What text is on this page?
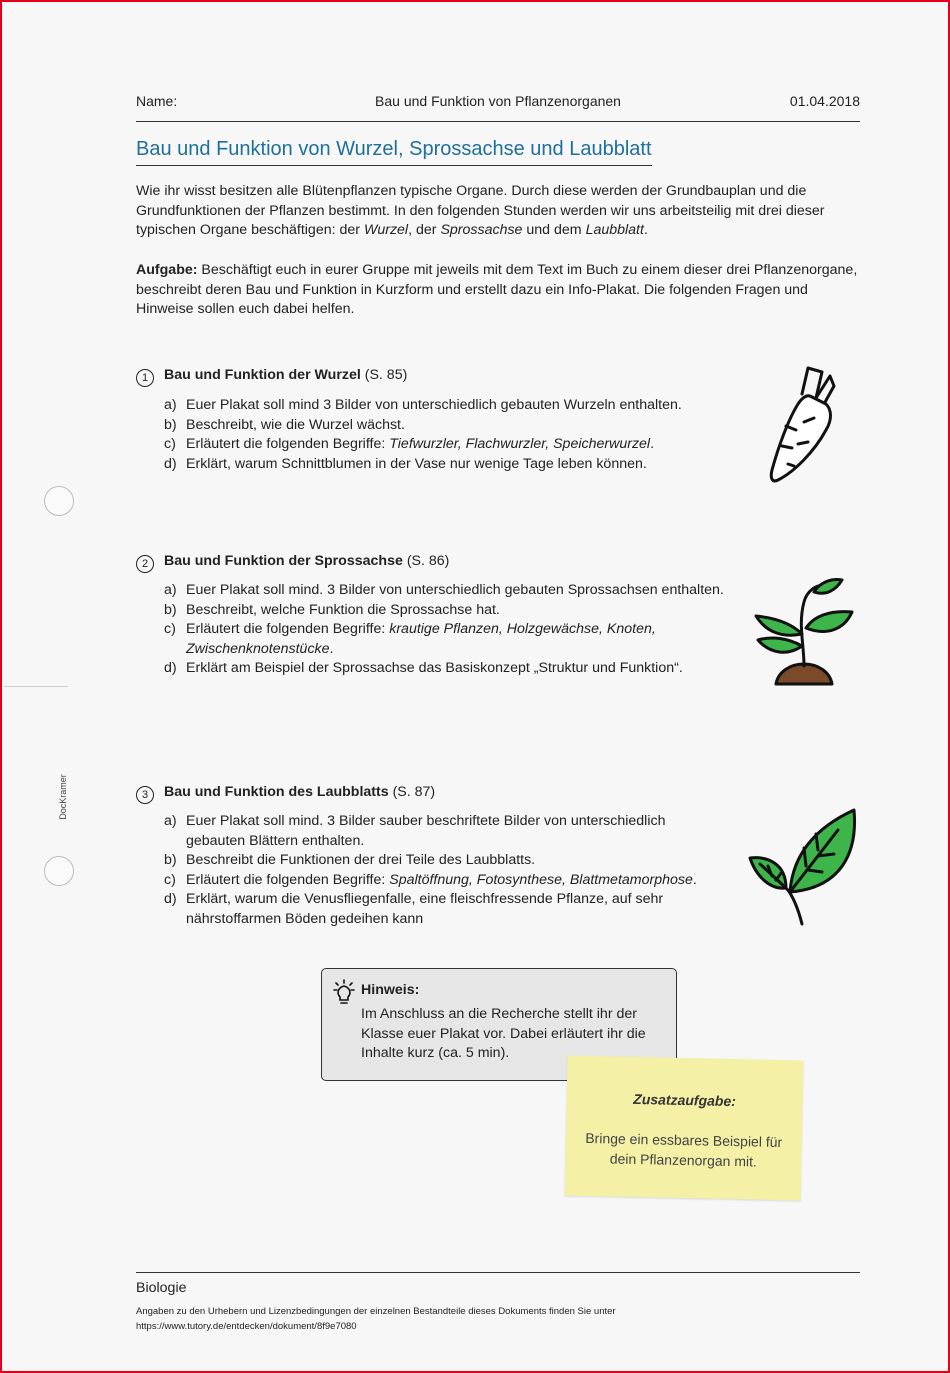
Name:	Bau und Funktion von Pflanzenorganen	01.04.2018
Bau und Funktion von Wurzel, Sprossachse und Laubblatt
Wie ihr wisst besitzen alle Blütenpflanzen typische Organe. Durch diese werden der Grundbauplan und die Grundfunktionen der Pflanzen bestimmt. In den folgenden Stunden werden wir uns arbeitsteilig mit drei dieser typischen Organe beschäftigen: der Wurzel, der Sprossachse und dem Laubblatt.
Aufgabe: Beschäftigt euch in eurer Gruppe mit jeweils mit dem Text im Buch zu einem dieser drei Pflanzenorgane, beschreibt deren Bau und Funktion in Kurzform und erstellt dazu ein Info-Plakat. Die folgenden Fragen und Hinweise sollen euch dabei helfen.
1 Bau und Funktion der Wurzel (S. 85)
a) Euer Plakat soll mind 3 Bilder von unterschiedlich gebauten Wurzeln enthalten.
b) Beschreibt, wie die Wurzel wächst.
c) Erläutert die folgenden Begriffe: Tiefwurzler, Flachwurzler, Speicherwurzel.
d) Erklärt, warum Schnittblumen in der Vase nur wenige Tage leben können.
2 Bau und Funktion der Sprossachse (S. 86)
a) Euer Plakat soll mind. 3 Bilder von unterschiedlich gebauten Sprossachsen enthalten.
b) Beschreibt, welche Funktion die Sprossachse hat.
c) Erläutert die folgenden Begriffe: krautige Pflanzen, Holzgewächse, Knoten, Zwischenknotenstücke.
d) Erklärt am Beispiel der Sprossachse das Basiskonzept „Struktur und Funktion“.
DocKramer	3 Bau und Funktion des Laubblatts (S. 87)
a) Euer Plakat soll mind. 3 Bilder sauber beschriftete Bilder von unterschiedlich gebauten Blättern enthalten.
b) Beschreibt die Funktionen der drei Teile des Laubblatts.
c) Erläutert die folgenden Begriffe: Spaltöffnung, Fotosynthese, Blattmetamorphose.
d) Erklärt, warum die Venusfliegenfalle, eine fleischfressende Pflanze, auf sehr nährstoffarmen Böden gedeihen kann
Hinweis:
Im Anschluss an die Recherche stellt ihr der Klasse euer Plakat vor. Dabei erläutert ihr die Inhalte kurz (ca. 5 min).
Zusatzaufgabe:
Bringe ein essbares Beispiel für dein Pflanzenorgan mit.
Biologie
Angaben zu den Urhebern und Lizenzbedingungen der einzelnen Bestandteile dieses Dokuments finden Sie unter
https://www.tutory.de/entdecken/dokument/8f9e7080
